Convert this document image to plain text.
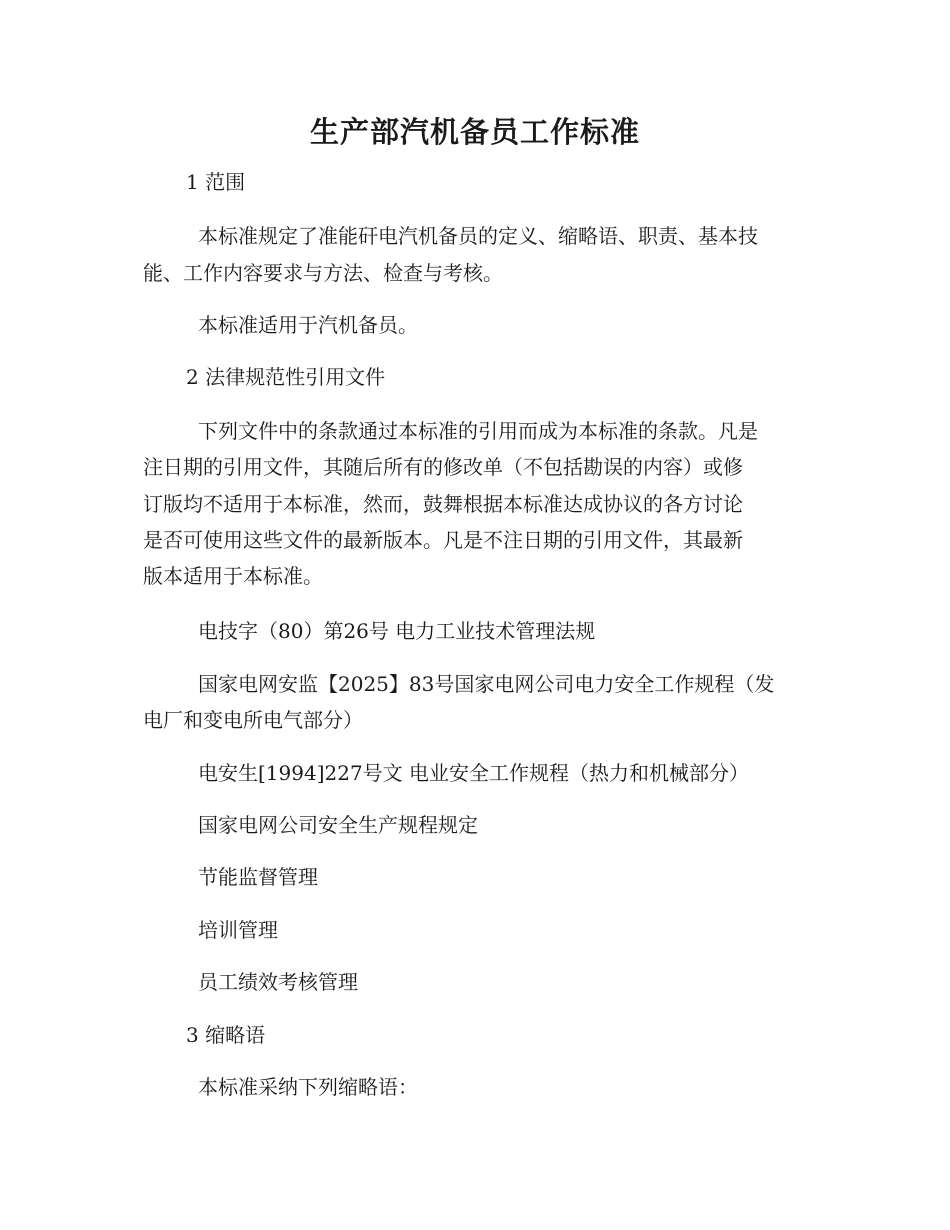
生产部汽机备员工作标准
1 范围
本标准规定了准能矸电汽机备员的定义、缩略语、职责、基本技
能、工作内容要求与方法、检查与考核。
本标准适用于汽机备员。
2 法律规范性引用文件
下列文件中的条款通过本标准的引用而成为本标准的条款。凡是
注日期的引用文件，其随后所有的修改单（不包括勘误的内容）或修
订版均不适用于本标准，然而，鼓舞根据本标准达成协议的各方讨论
是否可使用这些文件的最新版本。凡是不注日期的引用文件，其最新
版本适用于本标准。
电技字（80）第26号 电力工业技术管理法规
国家电网安监【2025】83号国家电网公司电力安全工作规程（发
电厂和变电所电气部分）
电安生[1994]227号文 电业安全工作规程（热力和机械部分）
国家电网公司安全生产规程规定
节能监督管理
培训管理
员工绩效考核管理
3 缩略语
本标准采纳下列缩略语：
